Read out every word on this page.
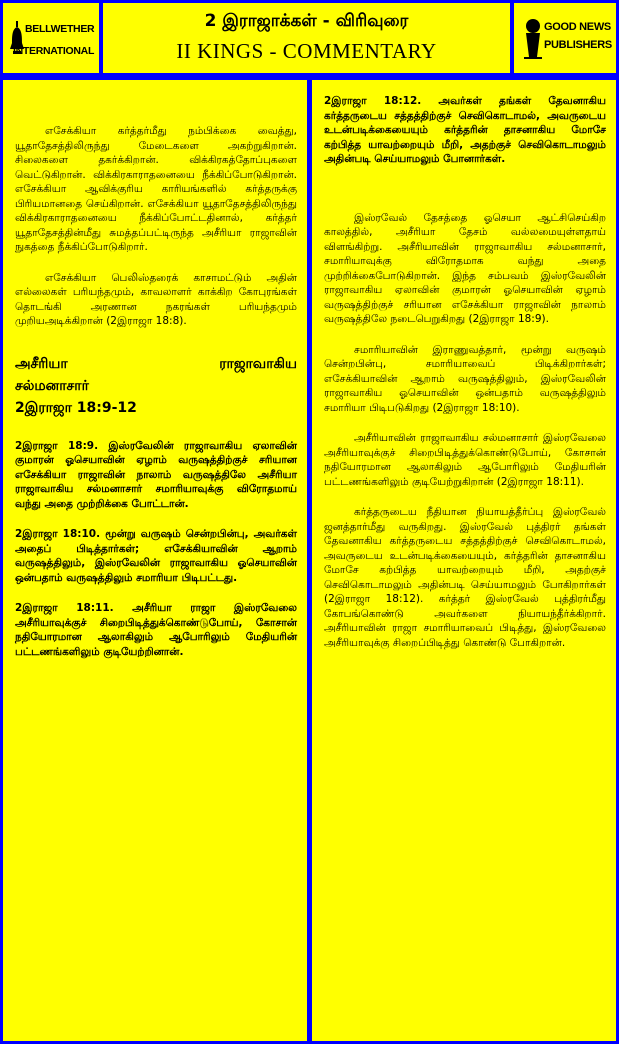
BELLWETHER
INTERNATIONAL
2 இராஜாக்கள் - விரிவுரை
II KINGS - COMMENTARY
GOOD NEWS
PUBLISHERS

எசேக்கியா கர்த்தர்மீது நம்பிக்கை வைத்து, யூதாதேசத்திலிருந்து மேடைகளை அகற்றுகிறான். சிலைகளை தகர்க்கிறான். விக்கிரகத்தோப்புகளை வெட்டுகிறான். விக்கிரகாராதனையை நீக்கிப்போடுகிறான். எசேக்கியா ஆவிக்குரிய காரியங்களில் கர்த்தருக்கு பிரியமானதை செய்கிறான். எசேக்கியா யூதாதேசத்திலிருந்து விக்கிரகாராதனையை நீக்கிப்போட்டதினால், கர்த்தர் யூதாதேசத்தின்மீது சுமத்தப்பட்டிருந்த அசீரியா ராஜாவின் நுகத்தை நீக்கிப்போடுகிறார்.

எசேக்கியா பெலிஸ்தரைக் காசாமட்டும் அதின் எல்லைகள் பரியந்தமும், காவலாளர் காக்கிற கோபுரங்கள் தொடங்கி அரணான நகரங்கள் பரியந்தமும் முறியஅடிக்கிறான் (2இராஜா 18:8).

அசீரியா	ராஜாவாகிய
சல்மனாசார்
2இராஜா 18:9-12

2இராஜா 18:9. இஸ்ரவேலின் ராஜாவாகிய ஏலாவின் குமாரன் ஓசெயாவின் ஏழாம் வருஷத்திற்குச் சரியான எசேக்கியா ராஜாவின் நாலாம் வருஷத்திலே அசீரியா ராஜாவாகிய சல்மனாசார் சமாரியாவுக்கு விரோதமாய் வந்து அதை முற்றிக்கை போட்டான்.

2இராஜா 18:10. மூன்று வருஷம் சென்றபின்பு, அவர்கள் அதைப் பிடித்தார்கள்; எசேக்கியாவின் ஆறாம் வருஷத்திலும், இஸ்ரவேலின் ராஜாவாகிய ஓசெயாவின் ஒன்பதாம் வருஷத்திலும் சமாரியா பிடிபட்டது.

2இராஜா 18:11. அசீரியா ராஜா இஸ்ரவேலை அசீரியாவுக்குச் சிறைபிடித்துக்கொண்டுபோய், கோசான் நதியோரமான ஆலாகிலும் ஆபோரிலும் மேதியரின் பட்டணங்களிலும் குடியேற்றினான்.

2இராஜா 18:12. அவர்கள் தங்கள் தேவனாகிய கர்த்தருடைய சத்தத்திற்குச் செவிகொடாமல், அவருடைய உடன்படிக்கையையும் கர்த்தரின் தாசனாகிய மோசே கற்பித்த யாவற்றையும் மீறி, அதற்குச் செவிகொடாமலும் அதின்படி செய்யாமலும் போனார்கள்.

இஸ்ரவேல் தேசத்தை ஓசெயா ஆட்சிசெய்கிற காலத்தில், அசீரியா தேசம் வல்லமையுள்ளதாய் விளங்கிற்று. அசீரியாவின் ராஜாவாகிய சல்மனாசார், சமாரியாவுக்கு விரோதமாக வந்து அதை முற்றிக்கைபோடுகிறான். இந்த சம்பவம் இஸ்ரவேலின் ராஜாவாகிய ஏலாவின் குமாரன் ஓசெயாவின் ஏழாம் வருஷத்திற்குச் சரியான எசேக்கியா ராஜாவின் நாலாம் வருஷத்திலே நடைபெறுகிறது (2இராஜா 18:9).

சமாரியாவின் இராணுவத்தார், மூன்று வருஷம் சென்றபின்பு, சமாரியாவைப் பிடிக்கிறார்கள்; எசேக்கியாவின் ஆறாம் வருஷத்திலும், இஸ்ரவேலின் ராஜாவாகிய ஓசெயாவின் ஒன்பதாம் வருஷத்திலும் சமாரியா பிடிபடுகிறது (2இராஜா 18:10).

அசீரியாவின் ராஜாவாகிய சல்மனாசார் இஸ்ரவேலை அசீரியாவுக்குச் சிறைபிடித்துக்கொண்டுபோய், கோசான் நதியோரமான ஆலாகிலும் ஆபோரிலும் மேதியரின் பட்டணங்களிலும் குடியேற்றுகிறான் (2இராஜா 18:11).

கர்த்தருடைய நீதியான நியாயத்தீர்ப்பு இஸ்ரவேல் ஜனத்தார்மீது வருகிறது. இஸ்ரவேல் புத்திரர் தங்கள் தேவனாகிய கர்த்தருடைய சத்தத்திற்குச் செவிகொடாமல், அவருடைய உடன்படிக்கையையும், கர்த்தரின் தாசனாகிய மோசே கற்பித்த யாவற்றையும் மீறி, அதற்குச் செவிகொடாமலும் அதின்படி செய்யாமலும் போகிறார்கள் (2இராஜா 18:12). கர்த்தர் இஸ்ரவேல் புத்திரர்மீது கோபங்கொண்டு அவர்களை நியாயந்தீர்க்கிறார். அசீரியாவின் ராஜா சமாரியாவைப் பிடித்து, இஸ்ரவேலை அசீரியாவுக்கு சிறைப்பிடித்து கொண்டு போகிறான்.
